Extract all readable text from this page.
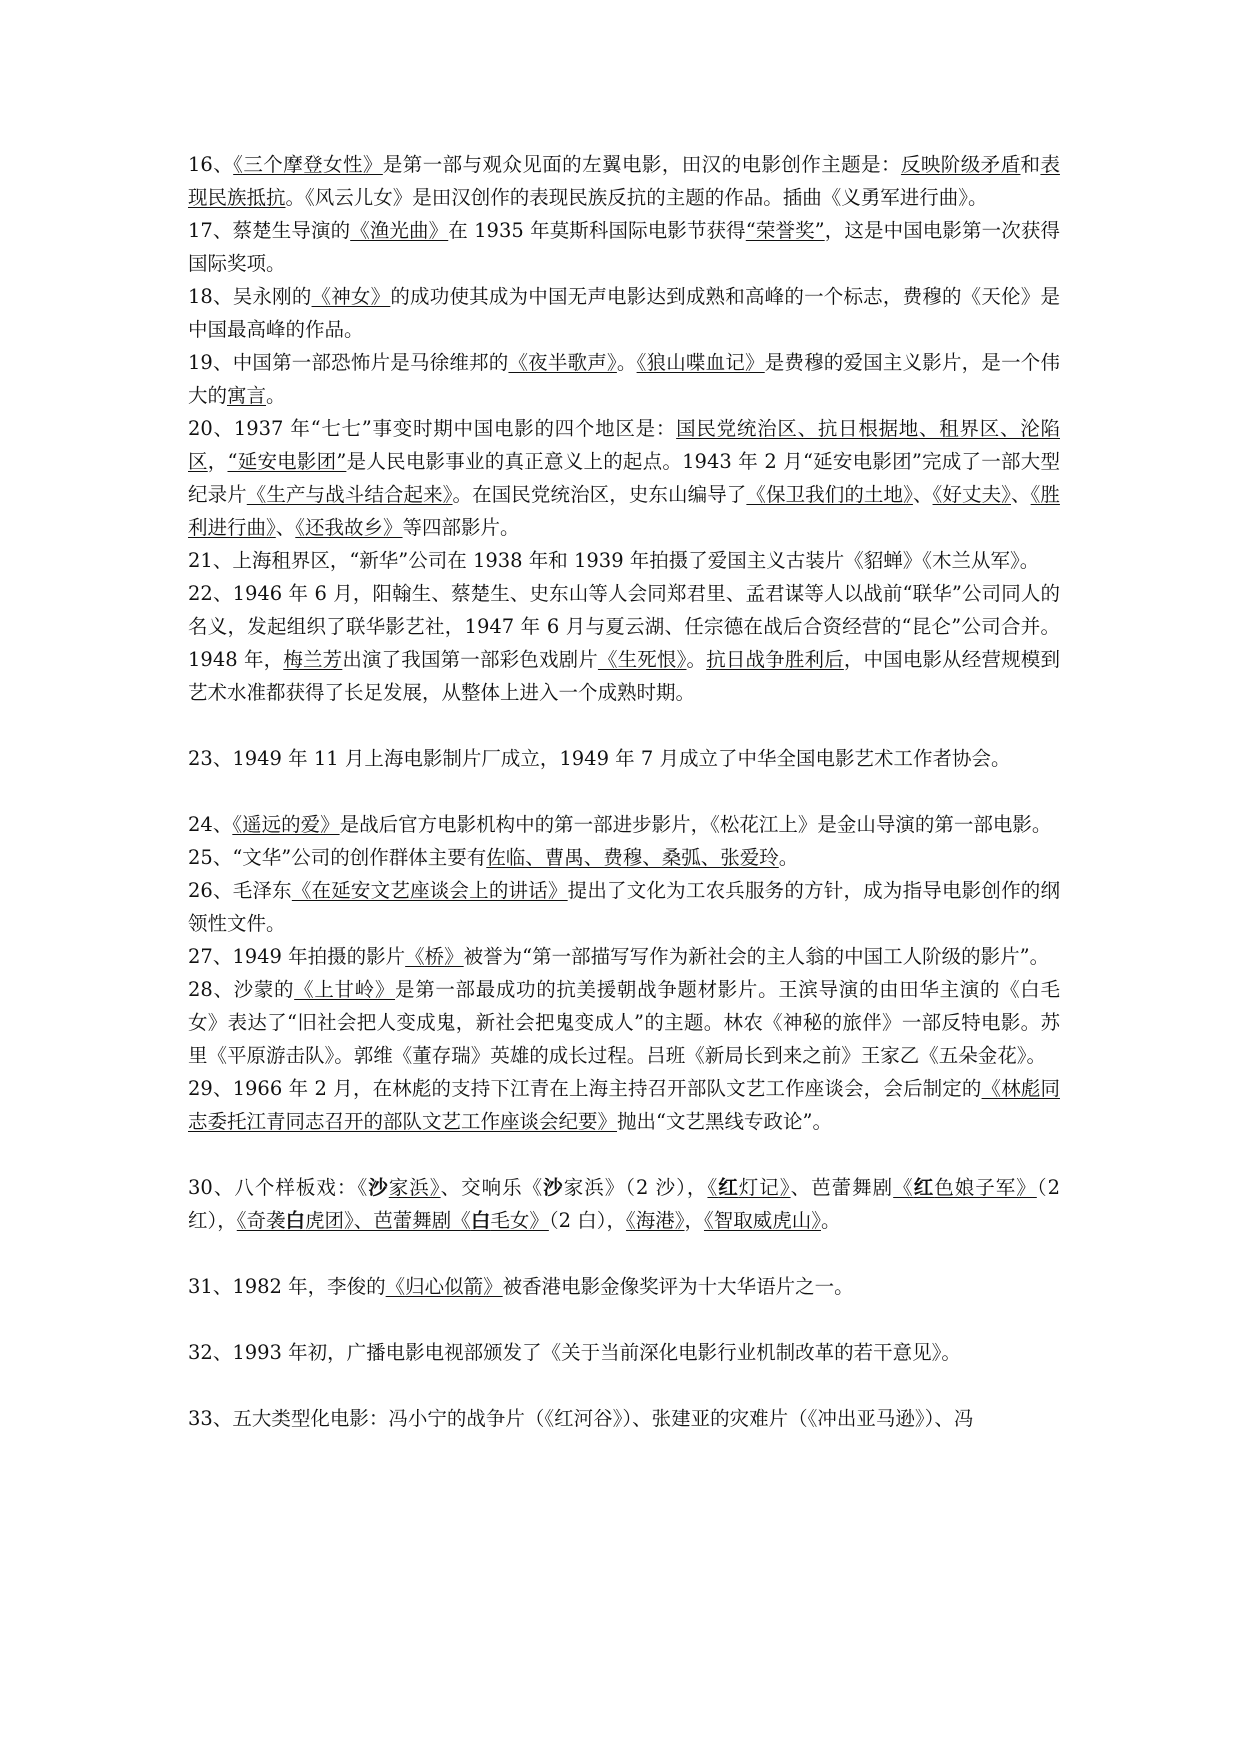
16、《三个摩登女性》是第一部与观众见面的左翼电影，田汉的电影创作主题是：反映阶级矛盾和表现民族抵抗。《风云儿女》是田汉创作的表现民族反抗的主题的作品。插曲《义勇军进行曲》。

17、蔡楚生导演的《渔光曲》在 1935 年莫斯科国际电影节获得“荣誉奖”，这是中国电影第一次获得国际奖项。

18、吴永刚的《神女》的成功使其成为中国无声电影达到成熟和高峰的一个标志，费穆的《天伦》是中国最高峰的作品。

19、中国第一部恐怖片是马徐维邦的《夜半歌声》。《狼山喋血记》是费穆的爱国主义影片，是一个伟大的寓言。

20、1937 年“七七”事变时期中国电影的四个地区是：国民党统治区、抗日根据地、租界区、沦陷区，“延安电影团”是人民电影事业的真正意义上的起点。1943 年 2 月“延安电影团”完成了一部大型纪录片《生产与战斗结合起来》。在国民党统治区，史东山编导了《保卫我们的土地》、《好丈夫》、《胜利进行曲》、《还我故乡》等四部影片。

21、上海租界区，“新华”公司在 1938 年和 1939 年拍摄了爱国主义古装片《貂蝉》《木兰从军》。

22、1946 年 6 月，阳翰生、蔡楚生、史东山等人会同郑君里、孟君谋等人以战前“联华”公司同人的名义，发起组织了联华影艺社，1947 年 6 月与夏云湖、任宗德在战后合资经营的“昆仑”公司合并。1948 年，梅兰芳出演了我国第一部彩色戏剧片《生死恨》。抗日战争胜利后，中国电影从经营规模到艺术水准都获得了长足发展，从整体上进入一个成熟时期。

23、1949 年 11 月上海电影制片厂成立，1949 年 7 月成立了中华全国电影艺术工作者协会。

24、《遥远的爱》是战后官方电影机构中的第一部进步影片，《松花江上》是金山导演的第一部电影。

25、“文华”公司的创作群体主要有佐临、曹禺、费穆、桑弧、张爱玲。

26、毛泽东《在延安文艺座谈会上的讲话》提出了文化为工农兵服务的方针，成为指导电影创作的纲领性文件。

27、1949 年拍摄的影片《桥》被誉为“第一部描写写作为新社会的主人翁的中国工人阶级的影片”。

28、沙蒙的《上甘岭》是第一部最成功的抗美援朝战争题材影片。王滨导演的由田华主演的《白毛女》表达了“旧社会把人变成鬼，新社会把鬼变成人”的主题。林农《神秘的旅伴》一部反特电影。苏里《平原游击队》。郭维《董存瑞》英雄的成长过程。吕班《新局长到来之前》王家乙《五朵金花》。

29、1966 年 2 月，在林彪的支持下江青在上海主持召开部队文艺工作座谈会，会后制定的《林彪同志委托江青同志召开的部队文艺工作座谈会纪要》抛出“文艺黑线专政论”。

30、八个样板戏：《沙家浜》、交响乐《沙家浜》（2 沙），《红灯记》、芭蕾舞剧《红色娘子军》（2 红），《奇袭白虎团》、芭蕾舞剧《白毛女》（2 白），《海港》，《智取威虎山》。

31、1982 年，李俊的《归心似箭》被香港电影金像奖评为十大华语片之一。

32、1993 年初，广播电影电视部颁发了《关于当前深化电影行业机制改革的若干意见》。

33、五大类型化电影：冯小宁的战争片（《红河谷》）、张建亚的灾难片（《冲出亚马逊》）、冯
